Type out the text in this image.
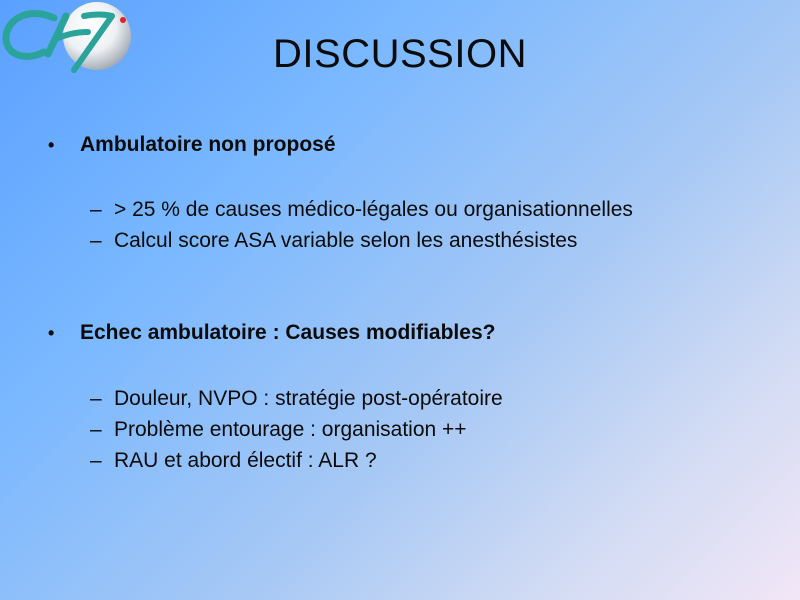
DISCUSSION
•	Ambulatoire non proposé
– > 25 % de causes médico-légales ou organisationnelles
– Calcul score ASA variable selon les anesthésistes
•	Echec ambulatoire : Causes modifiables?
– Douleur, NVPO : stratégie post-opératoire
– Problème entourage : organisation ++
– RAU et abord électif : ALR ?
